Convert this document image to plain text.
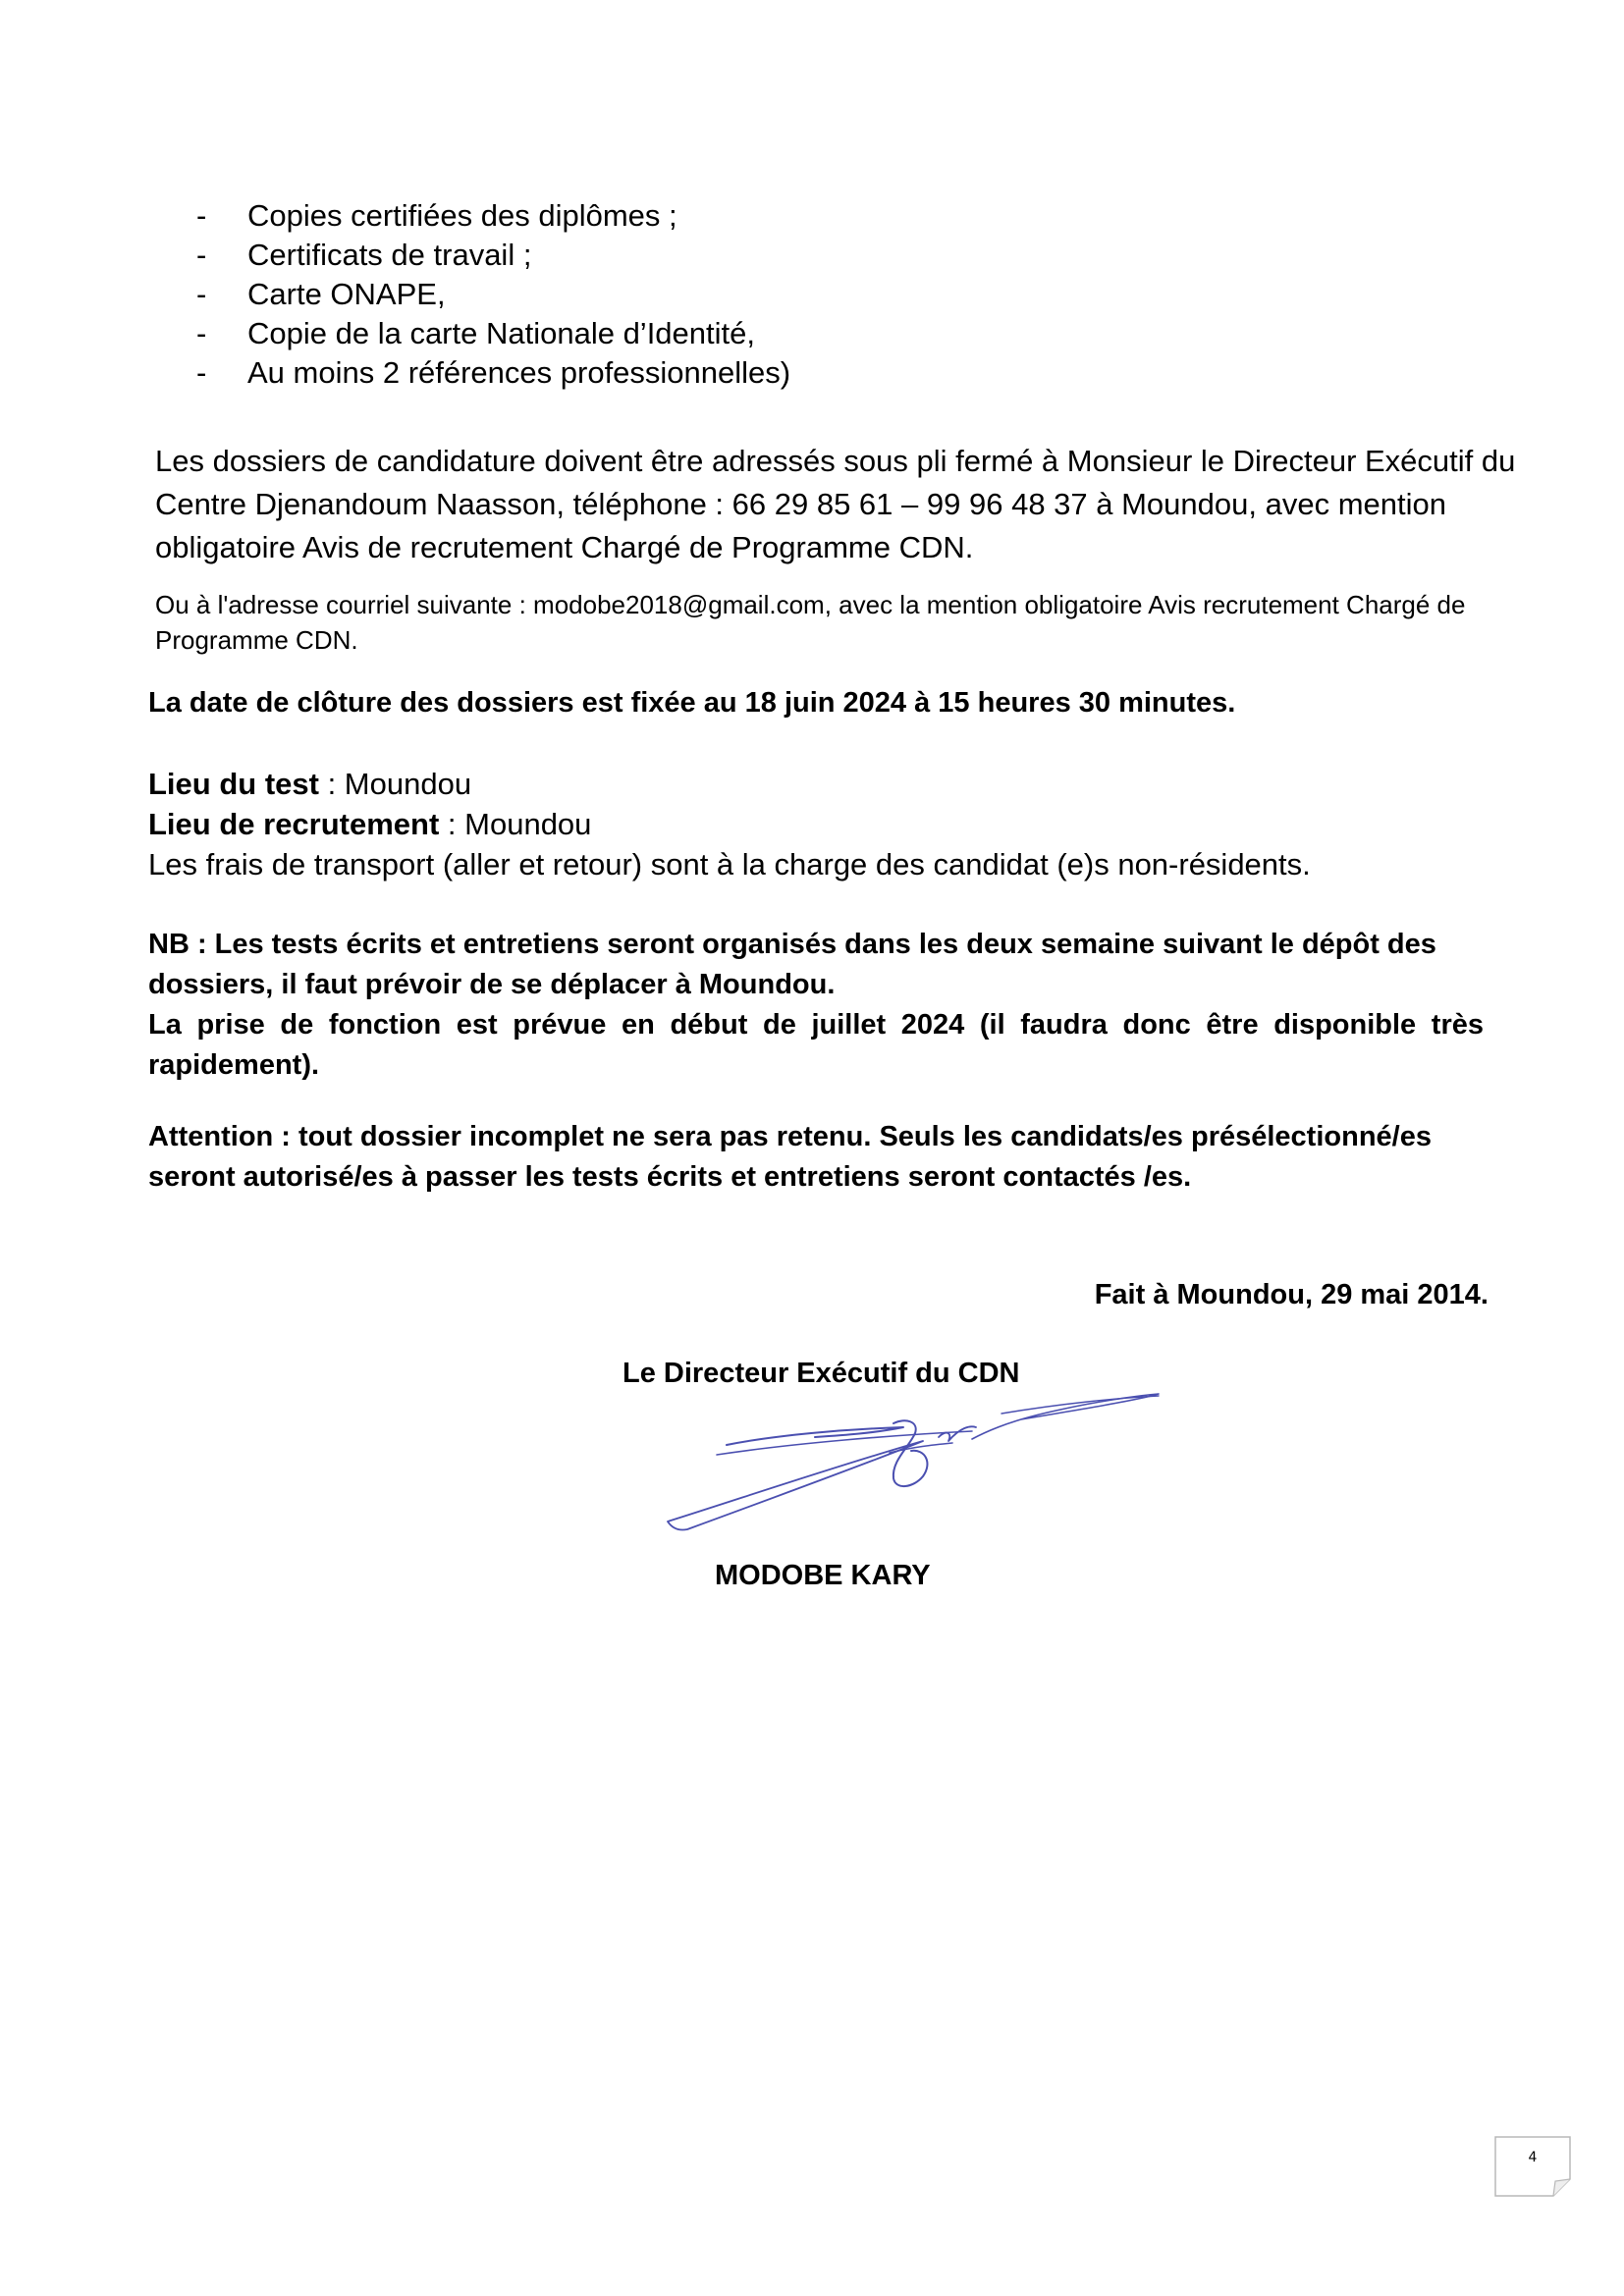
- Copies certifiées des diplômes ;
- Certificats de travail ;
- Carte ONAPE,
- Copie de la carte Nationale d’Identité,
- Au moins 2 références professionnelles)

Les dossiers de candidature doivent être adressés sous pli fermé à Monsieur le Directeur Exécutif du Centre Djenandoum Naasson, téléphone : 66 29 85 61 – 99 96 48 37 à Moundou, avec mention obligatoire Avis de recrutement Chargé de Programme CDN.

Ou à l'adresse courriel suivante : modobe2018@gmail.com, avec la mention obligatoire Avis recrutement Chargé de Programme CDN.

La date de clôture des dossiers est fixée au 18 juin 2024 à 15 heures 30 minutes.

Lieu du test : Moundou
Lieu de recrutement : Moundou
Les frais de transport (aller et retour) sont à la charge des candidat (e)s non-résidents.
NB : Les tests écrits et entretiens seront organisés dans les deux semaine suivant le dépôt des dossiers, il faut prévoir de se déplacer à Moundou.
La prise de fonction est prévue en début de juillet 2024 (il faudra donc être disponible très rapidement).
Attention : tout dossier incomplet ne sera pas retenu. Seuls les candidats/es présélectionné/es seront autorisé/es à passer les tests écrits et entretiens seront contactés /es.
Fait à Moundou, 29 mai 2014.
Le Directeur Exécutif du CDN
MODOBE KARY
4
